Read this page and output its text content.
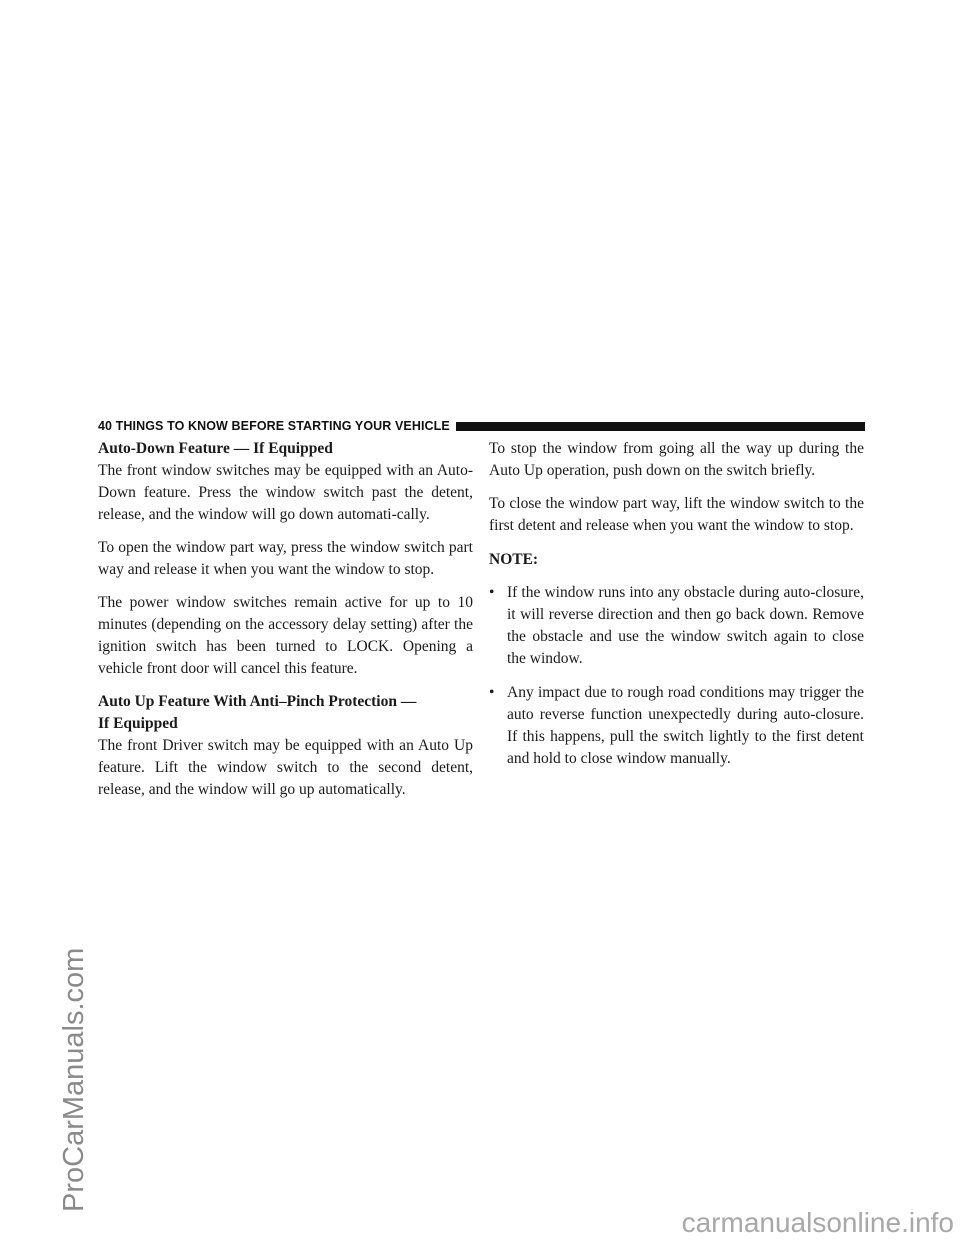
ProCarManuals.com
40 THINGS TO KNOW BEFORE STARTING YOUR VEHICLE
Auto-Down Feature — If Equipped

The front window switches may be equipped with an Auto-Down feature. Press the window switch past the detent, release, and the window will go down automati-cally.

To open the window part way, press the window switch part way and release it when you want the window to stop.

The power window switches remain active for up to 10 minutes (depending on the accessory delay setting) after the ignition switch has been turned to LOCK. Opening a vehicle front door will cancel this feature.

Auto Up Feature With Anti–Pinch Protection —
If Equipped

The front Driver switch may be equipped with an Auto Up feature. Lift the window switch to the second detent, release, and the window will go up automatically.

To stop the window from going all the way up during the Auto Up operation, push down on the switch briefly.

To close the window part way, lift the window switch to the first detent and release when you want the window to stop.

NOTE:

• If the window runs into any obstacle during auto-closure, it will reverse direction and then go back down. Remove the obstacle and use the window switch again to close the window.
• Any impact due to rough road conditions may trigger the auto reverse function unexpectedly during auto-closure. If this happens, pull the switch lightly to the first detent and hold to close window manually.
carmanualsonline.info
